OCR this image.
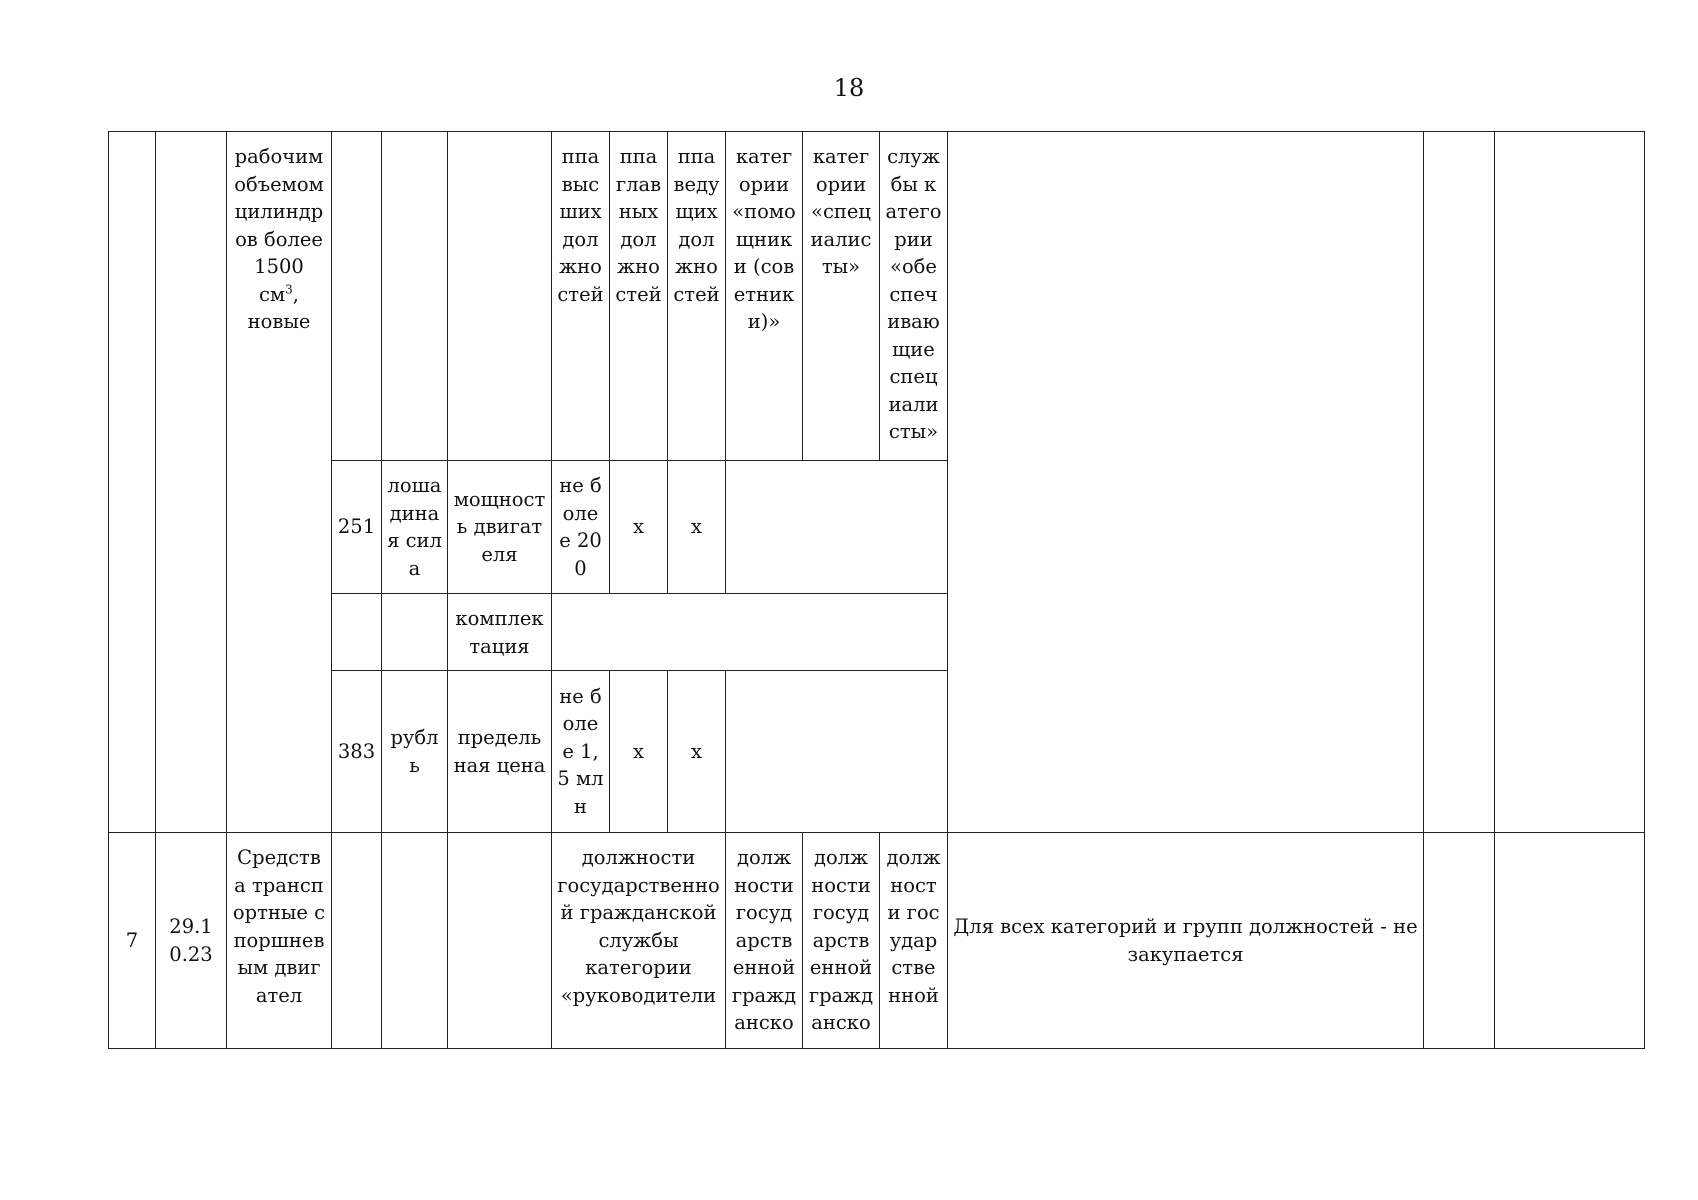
18
		рабочим объемом цилиндров более 1500 $см^3$, новые				ппа высших должностей	ппа главных должностей	ппа ведущих должностей	категории «помощники (советники)»	категории «специалисты»	службы категории «обеспечивающие специалисты»			
			251	лошадиная сила	мощность двигателя	не более 200	x	x						
					комплектация									
			383	рубль	предельная цена	не более 1,5 млн	x	x						
7	29.10.23	Средства транспортные с поршневым двигател				должности государственной гражданской службы категории «руководители			должности государственной гражданско	должности государственной гражданско	должности государственной	Для всех категорий и групп должностей - не закупается		
